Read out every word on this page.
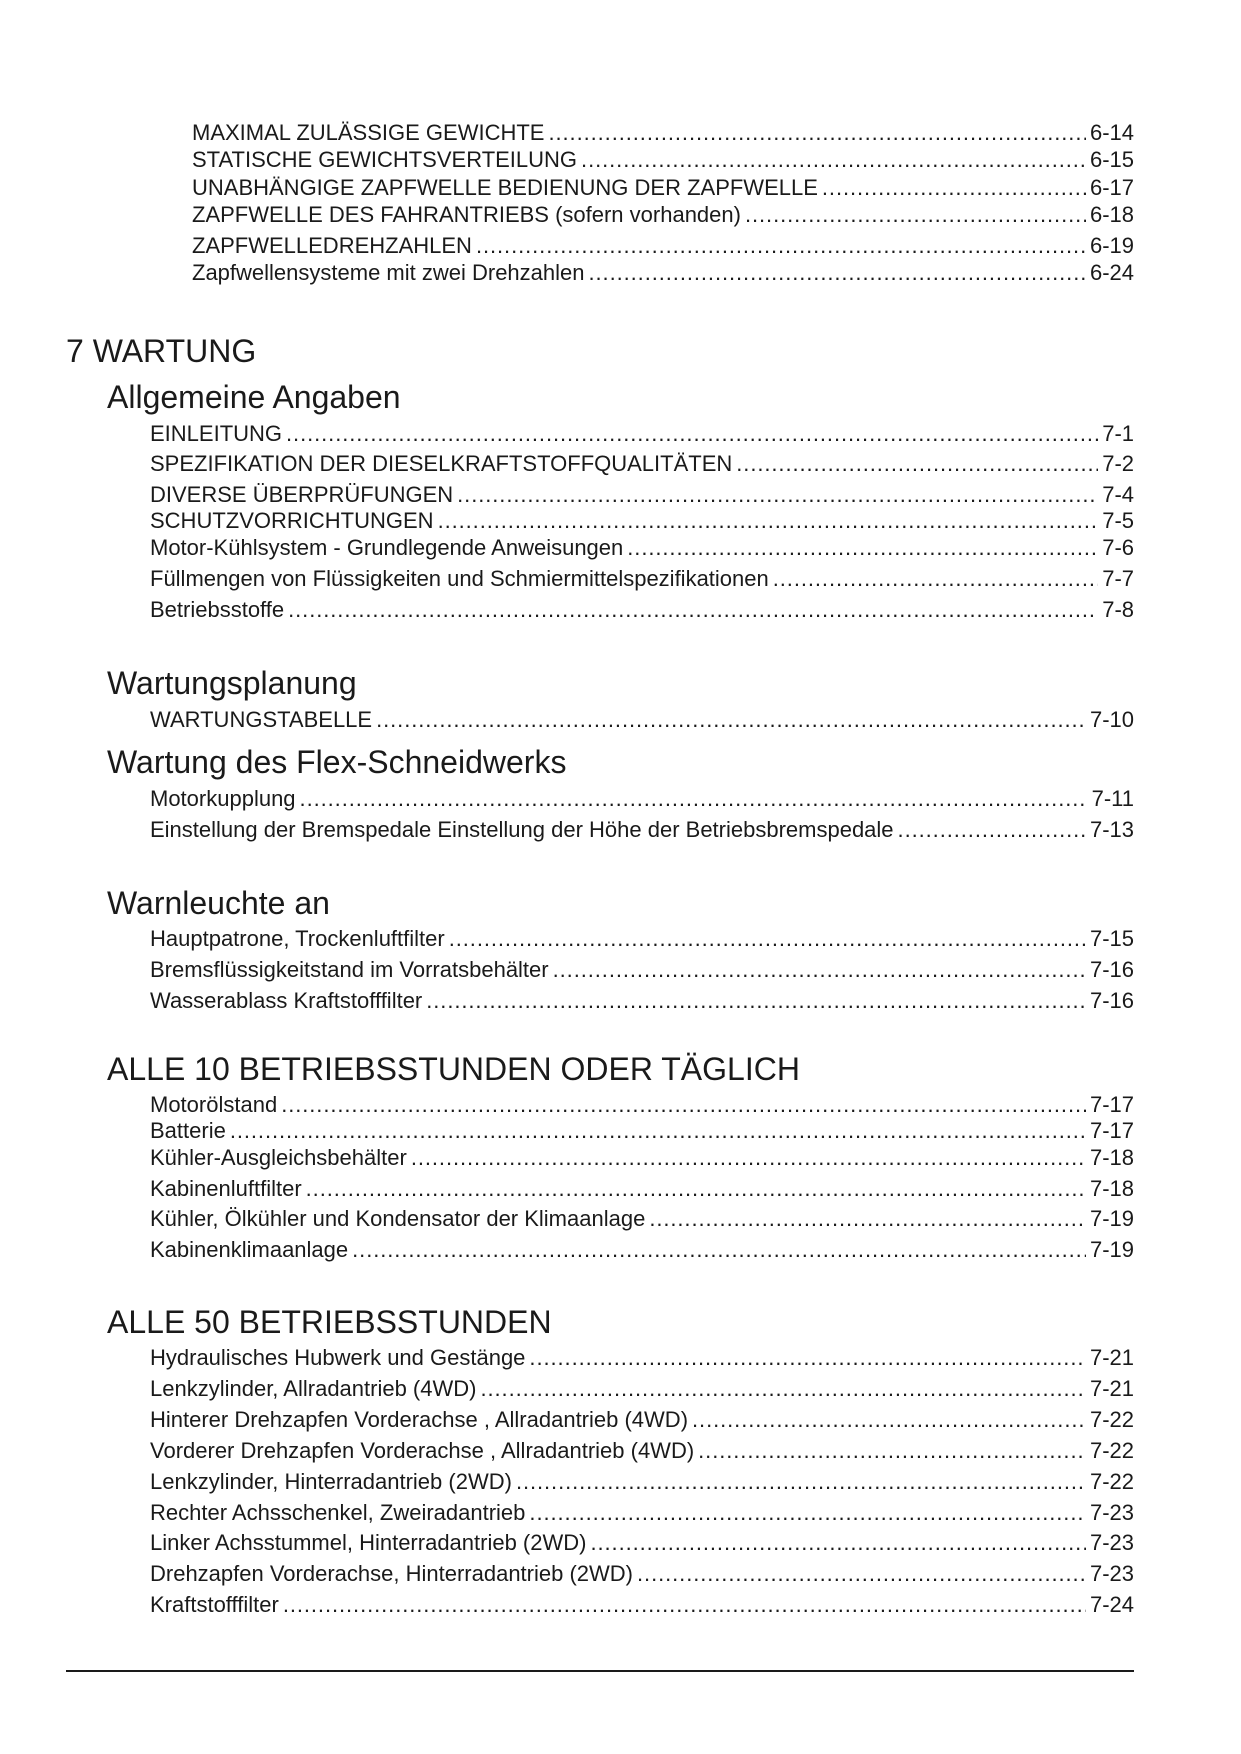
MAXIMAL ZULÄSSIGE GEWICHTE . . .	6-14
STATISCHE GEWICHTSVERTEILUNG . . .	6-15
UNABHÄNGIGE ZAPFWELLE BEDIENUNG DER ZAPFWELLE . . .	6-17
ZAPFWELLE DES FAHRANTRIEBS (sofern vorhanden) . . .	6-18
ZAPFWELLEDREHZAHLEN . . .	6-19
Zapfwellensysteme mit zwei Drehzahlen . . .	6-24
7 WARTUNG
Allgemeine Angaben
EINLEITUNG . . .	7-1
SPEZIFIKATION DER DIESELKRAFTSTOFFQUALITÄTEN . . .	7-2
DIVERSE ÜBERPRÜFUNGEN . . .	7-4
SCHUTZVORRICHTUNGEN . . .	7-5
Motor-Kühlsystem - Grundlegende Anweisungen . . .	7-6
Füllmengen von Flüssigkeiten und Schmiermittelspezifikationen . . .	7-7
Betriebsstoffe . . .	7-8
Wartungsplanung
WARTUNGSTABELLE . . .	7-10
Wartung des Flex-Schneidwerks
Motorkupplung . . .	7-11
Einstellung der Bremspedale Einstellung der Höhe der Betriebsbremspedale . . .	7-13
Warnleuchte an
Hauptpatrone, Trockenluftfilter . . .	7-15
Bremsflüssigkeitstand im Vorratsbehälter . . .	7-16
Wasserablass Kraftstofffilter . . .	7-16
ALLE 10 BETRIEBSSTUNDEN ODER TÄGLICH
Motorölstand . . .	7-17
Batterie . . .	7-17
Kühler-Ausgleichsbehälter . . .	7-18
Kabinenluftfilter . . .	7-18
Kühler, Ölkühler und Kondensator der Klimaanlage . . .	7-19
Kabinenklimaanlage . . .	7-19
ALLE 50 BETRIEBSSTUNDEN
Hydraulisches Hubwerk und Gestänge . . .	7-21
Lenkzylinder, Allradantrieb (4WD) . . .	7-21
Hinterer Drehzapfen Vorderachse , Allradantrieb (4WD) . . .	7-22
Vorderer Drehzapfen Vorderachse , Allradantrieb (4WD) . . .	7-22
Lenkzylinder, Hinterradantrieb (2WD) . . .	7-22
Rechter Achsschenkel, Zweiradantrieb . . .	7-23
Linker Achsstummel, Hinterradantrieb (2WD) . . .	7-23
Drehzapfen Vorderachse, Hinterradantrieb (2WD) . . .	7-23
Kraftstofffilter . . .	7-24
